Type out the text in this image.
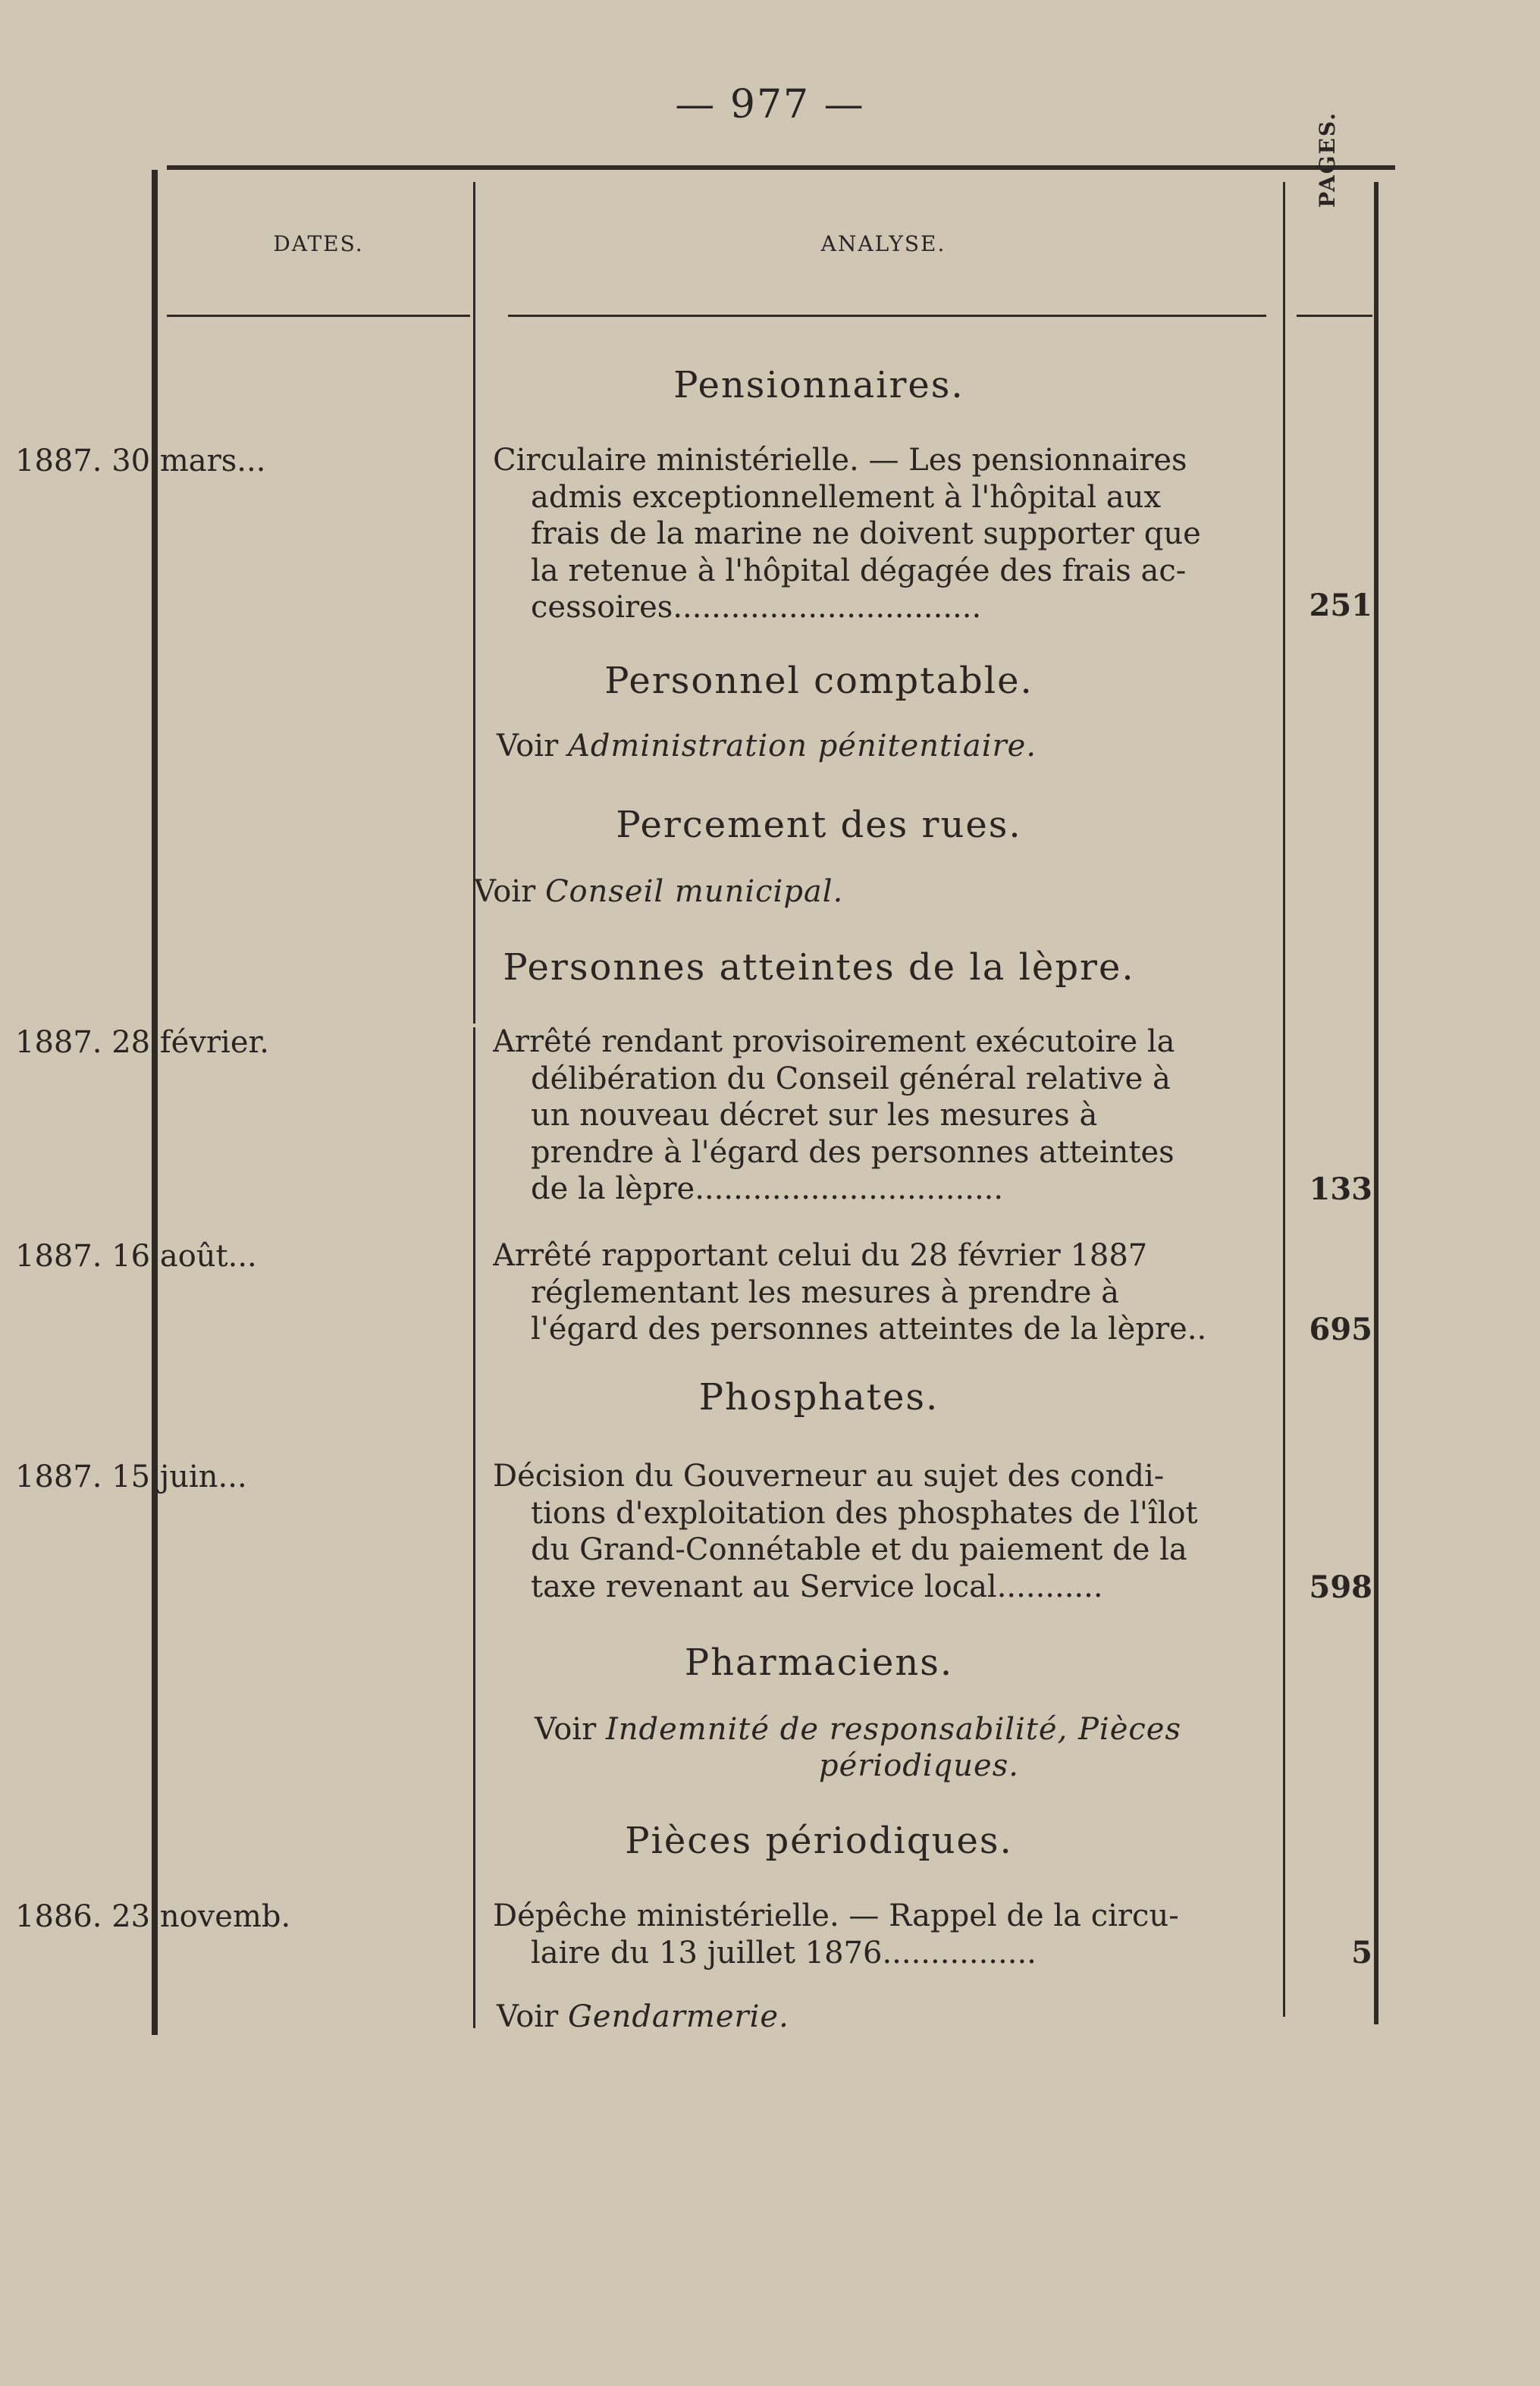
— 977 —
DATES.	ANALYSE.
PAGES.
Pensionnaires.
1887. 30 mars...	Circulaire ministérielle. — Les pensionnaires
admis exceptionnellement à l'hôpital aux
frais de la marine ne doivent supporter que
la retenue à l'hôpital dégagée des frais ac-
cessoires................................	251
Personnel comptable.
Voir Administration pénitentiaire.
Percement des rues.
Voir Conseil municipal.
Personnes atteintes de la lèpre.
1887. 28 février.	Arrêté rendant provisoirement exécutoire la
délibération du Conseil général relative à
un nouveau décret sur les mesures à
prendre à l'égard des personnes atteintes
de la lèpre................................	133
1887. 16 août...	Arrêté rapportant celui du 28 février 1887
réglementant les mesures à prendre à
l'égard des personnes atteintes de la lèpre..	695
Phosphates.
1887. 15 juin...	Décision du Gouverneur au sujet des condi-
tions d'exploitation des phosphates de l'îlot
du Grand-Connétable et du paiement de la
taxe revenant au Service local...........	598
Pharmaciens.
Voir Indemnité de responsabilité, Pièces
périodiques.
Pièces périodiques.
1886. 23 novemb.	Dépêche ministérielle. — Rappel de la circu-
laire du 13 juillet 1876................	5
Voir Gendarmerie.
